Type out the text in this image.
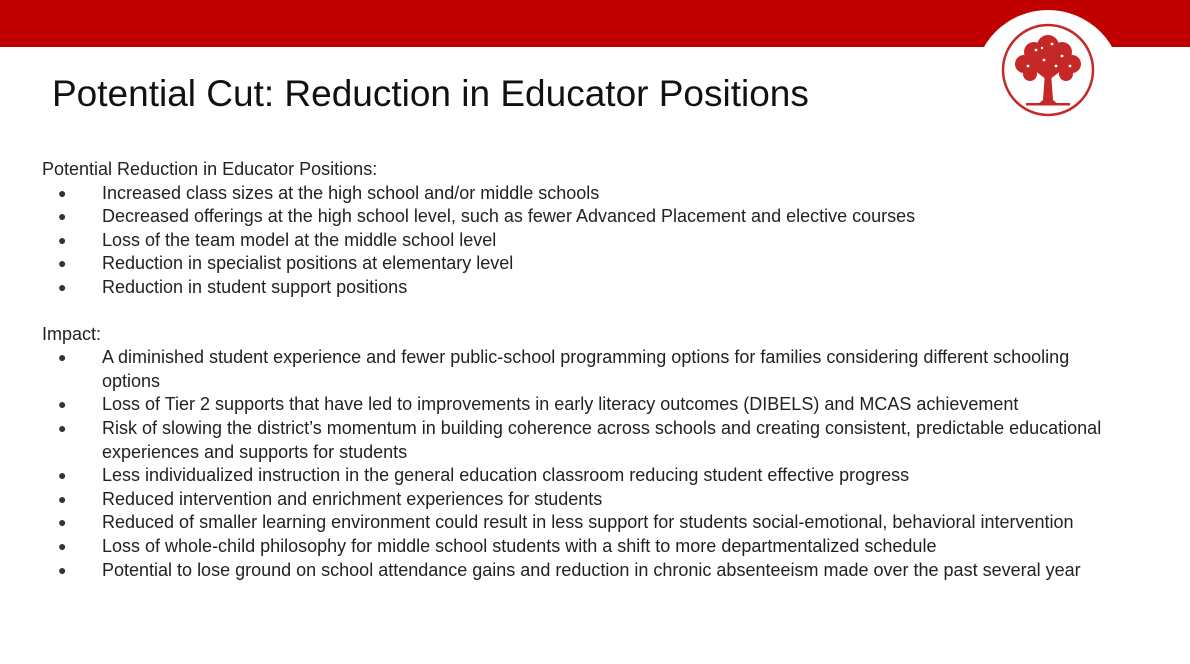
Potential Cut: Reduction in Educator Positions
Potential Reduction in Educator Positions:
● Increased class sizes at the high school and/or middle schools
● Decreased offerings at the high school level, such as fewer Advanced Placement and elective courses
● Loss of the team model at the middle school level
● Reduction in specialist positions at elementary level
● Reduction in student support positions
Impact:
● A diminished student experience and fewer public-school programming options for families considering different schooling options
● Loss of Tier 2 supports that have led to improvements in early literacy outcomes (DIBELS) and MCAS achievement
● Risk of slowing the district’s momentum in building coherence across schools and creating consistent, predictable educational experiences and supports for students
● Less individualized instruction in the general education classroom reducing student effective progress
● Reduced intervention and enrichment experiences for students
● Reduced of smaller learning environment could result in less support for students social-emotional, behavioral intervention
● Loss of whole-child philosophy for middle school students with a shift to more departmentalized schedule
● Potential to lose ground on school attendance gains and reduction in chronic absenteeism made over the past several year
